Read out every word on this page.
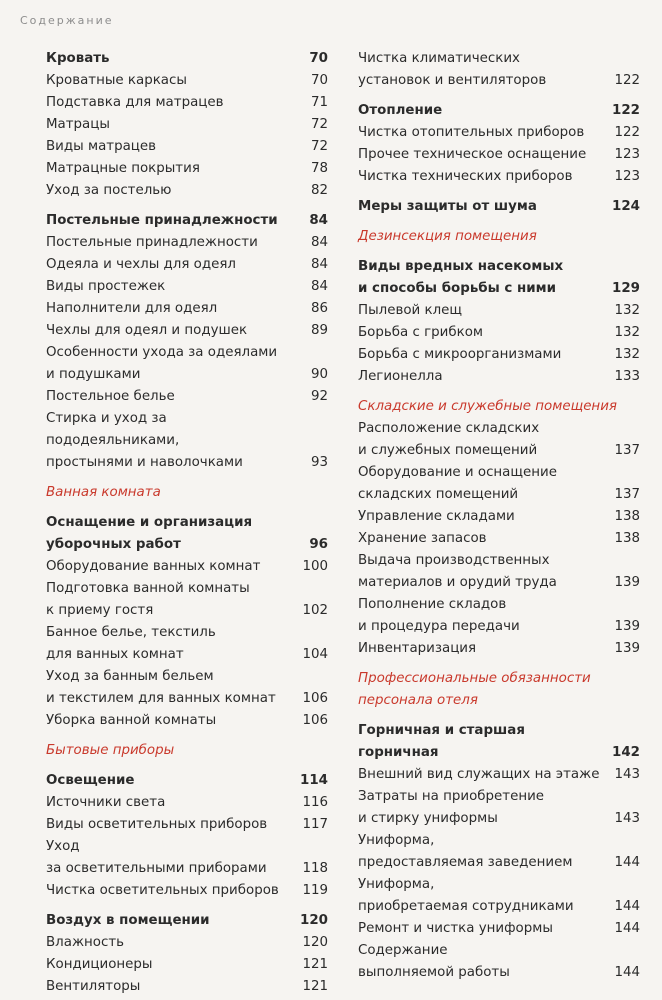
Содержание
Кровать	70
Кроватные каркасы	70
Подставка для матрацев	71
Матрацы	72
Виды матрацев	72
Матрацные покрытия	78
Уход за постелью	82
Постельные принадлежности	84
Постельные принадлежности	84
Одеяла и чехлы для одеял	84
Виды простежек	84
Наполнители для одеял	86
Чехлы для одеял и подушек	89
Особенности ухода за одеялами
и подушками	90
Постельное белье	92
Стирка и уход за пододеяльниками,
простынями и наволочками	93
Ванная комната
Оснащение и организация
уборочных работ	96
Оборудование ванных комнат	100
Подготовка ванной комнаты
к приему гостя	102
Банное белье, текстиль
для ванных комнат	104
Уход за банным бельем
и текстилем для ванных комнат	106
Уборка ванной комнаты	106
Бытовые приборы
Освещение	114
Источники света	116
Виды осветительных приборов	117
Уход
за осветительными приборами	118
Чистка осветительных приборов	119
Воздух в помещении	120
Влажность	120
Кондиционеры	121
Вентиляторы	121
Чистка климатических
установок и вентиляторов	122
Отопление	122
Чистка отопительных приборов	122
Прочее техническое оснащение	123
Чистка технических приборов	123
Меры защиты от шума	124
Дезинсекция помещения
Виды вредных насекомых
и способы борьбы с ними	129
Пылевой клещ	132
Борьба с грибком	132
Борьба с микроорганизмами	132
Легионелла	133
Складские и служебные помещения
Расположение складских
и служебных помещений	137
Оборудование и оснащение
складских помещений	137
Управление складами	138
Хранение запасов	138
Выдача производственных
материалов и орудий труда	139
Пополнение складов
и процедура передачи	139
Инвентаризация	139
Профессиональные обязанности
персонала отеля
Горничная и старшая горничная	142
Внешний вид служащих на этаже	143
Затраты на приобретение
и стирку униформы	143
Униформа,
предоставляемая заведением	144
Униформа,
приобретаемая сотрудниками	144
Ремонт и чистка униформы	144
Содержание
выполняемой работы	144
